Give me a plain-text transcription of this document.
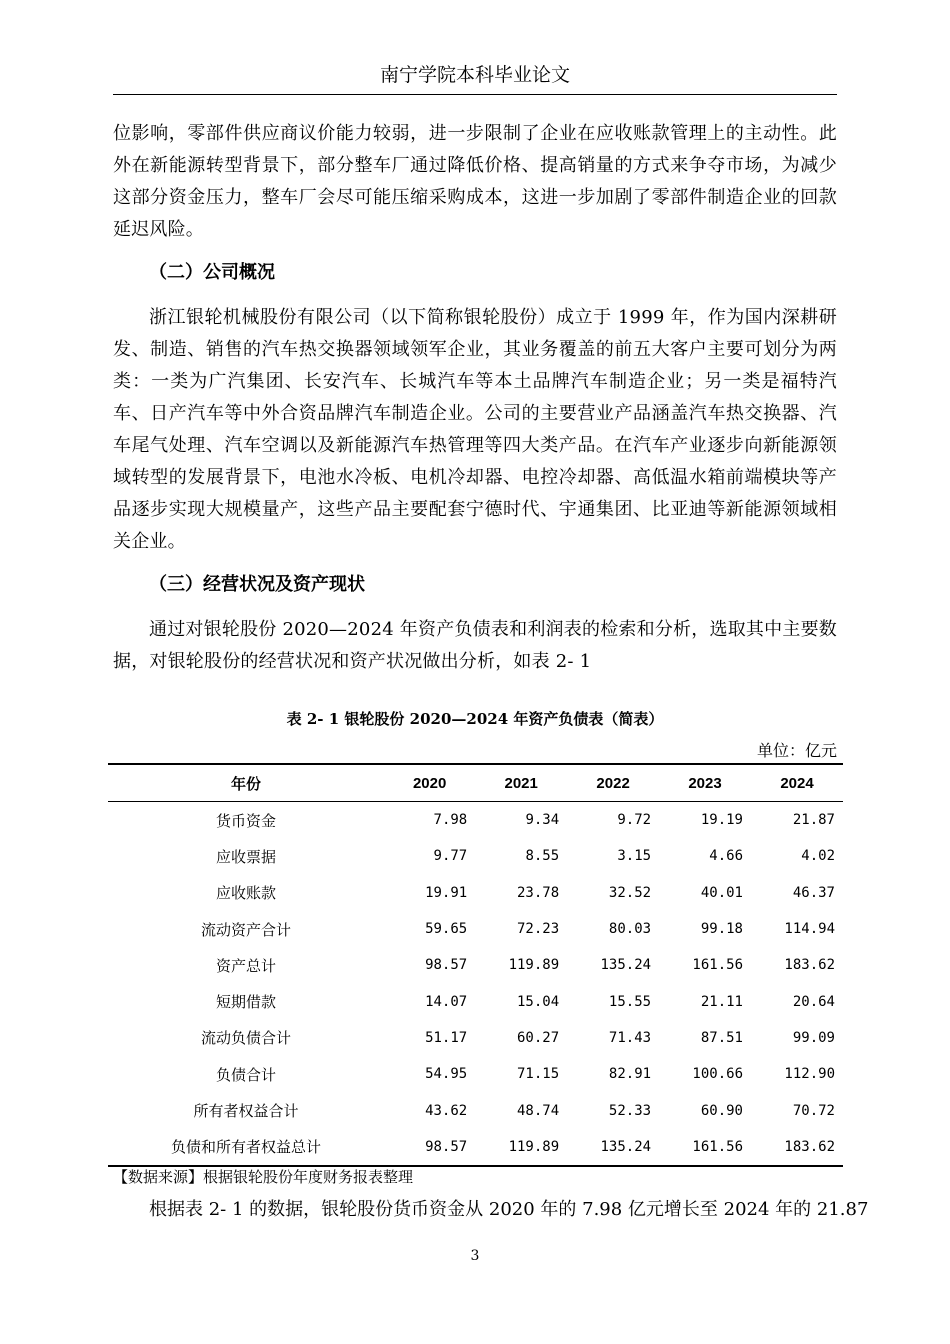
南宁学院本科毕业论文

位影响，零部件供应商议价能力较弱，进一步限制了企业在应收账款管理上的主动性。此外在新能源转型背景下，部分整车厂通过降低价格、提高销量的方式来争夺市场，为减少这部分资金压力，整车厂会尽可能压缩采购成本，这进一步加剧了零部件制造企业的回款延迟风险。

（二）公司概况

浙江银轮机械股份有限公司（以下简称银轮股份）成立于 1999 年，作为国内深耕研发、制造、销售的汽车热交换器领域领军企业，其业务覆盖的前五大客户主要可划分为两类：一类为广汽集团、长安汽车、长城汽车等本土品牌汽车制造企业；另一类是福特汽车、日产汽车等中外合资品牌汽车制造企业。公司的主要营业产品涵盖汽车热交换器、汽车尾气处理、汽车空调以及新能源汽车热管理等四大类产品。在汽车产业逐步向新能源领域转型的发展背景下，电池水冷板、电机冷却器、电控冷却器、高低温水箱前端模块等产品逐步实现大规模量产，这些产品主要配套宁德时代、宇通集团、比亚迪等新能源领域相关企业。

（三）经营状况及资产现状

通过对银轮股份 2020—2024 年资产负债表和利润表的检索和分析，选取其中主要数据，对银轮股份的经营状况和资产状况做出分析，如表 2- 1

表 2- 1 银轮股份 2020—2024 年资产负债表（简表）
单位：亿元
年份	2020	2021	2022	2023	2024
货币资金	7.98	9.34	9.72	19.19	21.87
应收票据	9.77	8.55	3.15	4.66	4.02
应收账款	19.91	23.78	32.52	40.01	46.37
流动资产合计	59.65	72.23	80.03	99.18	114.94
资产总计	98.57	119.89	135.24	161.56	183.62
短期借款	14.07	15.04	15.55	21.11	20.64
流动负债合计	51.17	60.27	71.43	87.51	99.09
负债合计	54.95	71.15	82.91	100.66	112.90
所有者权益合计	43.62	48.74	52.33	60.90	70.72
负债和所有者权益总计	98.57	119.89	135.24	161.56	183.62
【数据来源】根据银轮股份年度财务报表整理

根据表 2- 1 的数据，银轮股份货币资金从 2020 年的 7.98 亿元增长至 2024 年的 21.87

3
